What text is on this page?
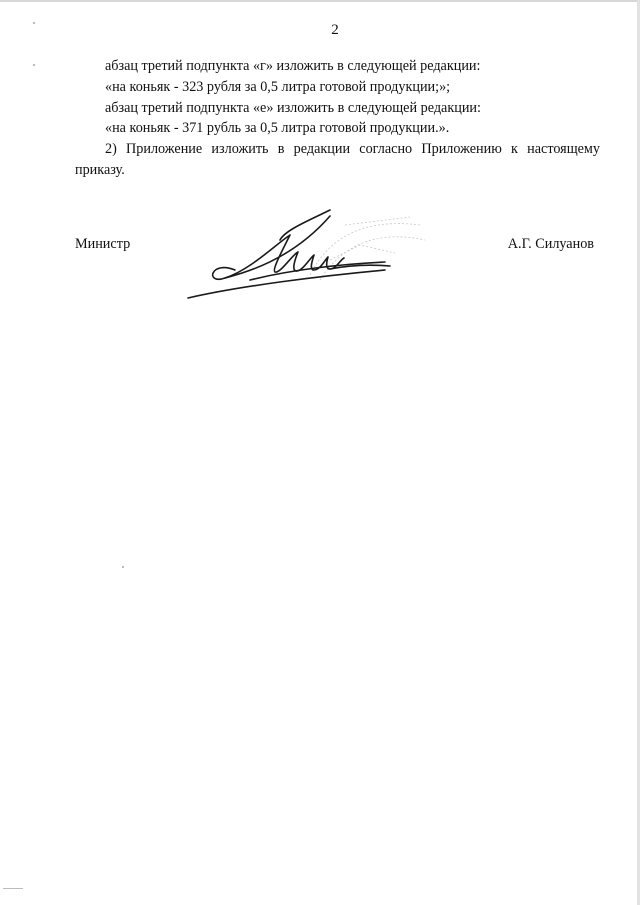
2

абзац третий подпункта «г» изложить в следующей редакции:

«на коньяк - 323 рубля за 0,5 литра готовой продукции;»;

абзац третий подпункта «е» изложить в следующей редакции:

«на коньяк - 371 рубль за 0,5 литра готовой продукции.».

2) Приложение изложить в редакции согласно Приложению к настоящему приказу.

Министр	А.Г. Силуанов
